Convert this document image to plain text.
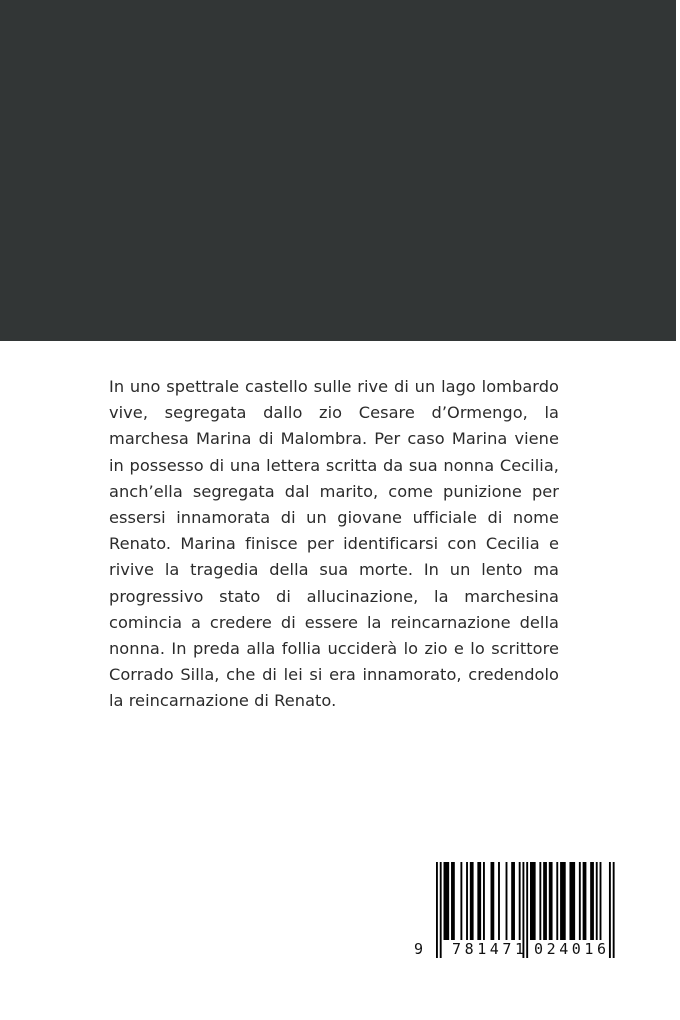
In uno spettrale castello sulle rive di un lago lombardo
vive, segregata dallo zio Cesare d’Ormengo, la
marchesa Marina di Malombra. Per caso Marina viene
in possesso di una lettera scritta da sua nonna Cecilia,
anch’ella segregata dal marito, come punizione per
essersi innamorata di un giovane ufficiale di nome
Renato. Marina finisce per identificarsi con Cecilia e
rivive la tragedia della sua morte. In un lento ma
progressivo stato di allucinazione, la marchesina
comincia a credere di essere la reincarnazione della
nonna. In preda alla follia ucciderà lo zio e lo scrittore
Corrado Silla, che di lei si era innamorato, credendolo
la reincarnazione di Renato.
9 781471 024016
